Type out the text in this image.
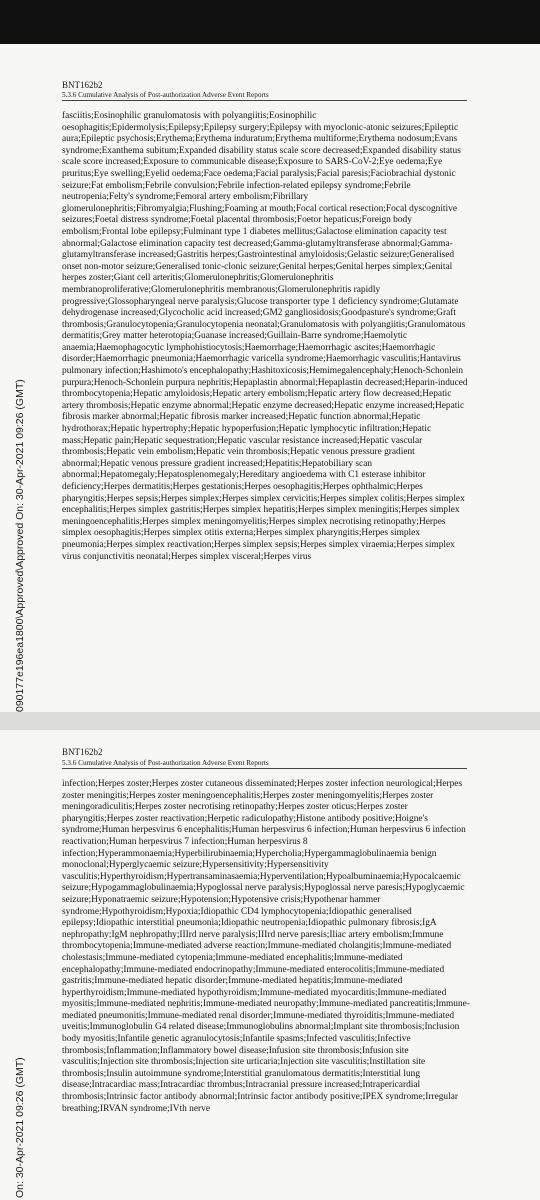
BNT162b2
5.3.6 Cumulative Analysis of Post-authorization Adverse Event Reports
fasciitis;Eosinophilic granulomatosis with polyangiitis;Eosinophilic oesophagitis;Epidermolysis;Epilepsy;Epilepsy surgery;Epilepsy with myoclonic-atonic seizures;Epileptic aura;Epileptic psychosis;Erythema;Erythema induratum;Erythema multiforme;Erythema nodosum;Evans syndrome;Exanthema subitum;Expanded disability status scale score decreased;Expanded disability status scale score increased;Exposure to communicable disease;Exposure to SARS-CoV-2;Eye oedema;Eye pruritus;Eye swelling;Eyelid oedema;Face oedema;Facial paralysis;Facial paresis;Faciobrachial dystonic seizure;Fat embolism;Febrile convulsion;Febrile infection-related epilepsy syndrome;Febrile neutropenia;Felty's syndrome;Femoral artery embolism;Fibrillary glomerulonephritis;Fibromyalgia;Flushing;Foaming at mouth;Focal cortical resection;Focal dyscognitive seizures;Foetal distress syndrome;Foetal placental thrombosis;Foetor hepaticus;Foreign body embolism;Frontal lobe epilepsy;Fulminant type 1 diabetes mellitus;Galactose elimination capacity test abnormal;Galactose elimination capacity test decreased;Gamma-glutamyltransferase abnormal;Gamma-glutamyltransferase increased;Gastritis herpes;Gastrointestinal amyloidosis;Gelastic seizure;Generalised onset non-motor seizure;Generalised tonic-clonic seizure;Genital herpes;Genital herpes simplex;Genital herpes zoster;Giant cell arteritis;Glomerulonephritis;Glomerulonephritis membranoproliferative;Glomerulonephritis membranous;Glomerulonephritis rapidly progressive;Glossopharyngeal nerve paralysis;Glucose transporter type 1 deficiency syndrome;Glutamate dehydrogenase increased;Glycocholic acid increased;GM2 gangliosidosis;Goodpasture's syndrome;Graft thrombosis;Granulocytopenia;Granulocytopenia neonatal;Granulomatosis with polyangiitis;Granulomatous dermatitis;Grey matter heterotopia;Guanase increased;Guillain-Barre syndrome;Haemolytic anaemia;Haemophagocytic lymphohistiocytosis;Haemorrhage;Haemorrhagic ascites;Haemorrhagic disorder;Haemorrhagic pneumonia;Haemorrhagic varicella syndrome;Haemorrhagic vasculitis;Hantavirus pulmonary infection;Hashimoto's encephalopathy;Hashitoxicosis;Hemimegalencephaly;Henoch-Schonlein purpura;Henoch-Schonlein purpura nephritis;Hepaplastin abnormal;Hepaplastin decreased;Heparin-induced thrombocytopenia;Hepatic amyloidosis;Hepatic artery embolism;Hepatic artery flow decreased;Hepatic artery thrombosis;Hepatic enzyme abnormal;Hepatic enzyme decreased;Hepatic enzyme increased;Hepatic fibrosis marker abnormal;Hepatic fibrosis marker increased;Hepatic function abnormal;Hepatic hydrothorax;Hepatic hypertrophy;Hepatic hypoperfusion;Hepatic lymphocytic infiltration;Hepatic mass;Hepatic pain;Hepatic sequestration;Hepatic vascular resistance increased;Hepatic vascular thrombosis;Hepatic vein embolism;Hepatic vein thrombosis;Hepatic venous pressure gradient abnormal;Hepatic venous pressure gradient increased;Hepatitis;Hepatobiliary scan abnormal;Hepatomegaly;Hepatosplenomegaly;Hereditary angioedema with C1 esterase inhibitor deficiency;Herpes dermatitis;Herpes gestationis;Herpes oesophagitis;Herpes ophthalmic;Herpes pharyngitis;Herpes sepsis;Herpes simplex;Herpes simplex cervicitis;Herpes simplex colitis;Herpes simplex encephalitis;Herpes simplex gastritis;Herpes simplex hepatitis;Herpes simplex meningitis;Herpes simplex meningoencephalitis;Herpes simplex meningomyelitis;Herpes simplex necrotising retinopathy;Herpes simplex oesophagitis;Herpes simplex otitis externa;Herpes simplex pharyngitis;Herpes simplex pneumonia;Herpes simplex reactivation;Herpes simplex sepsis;Herpes simplex viraemia;Herpes simplex virus conjunctivitis neonatal;Herpes simplex visceral;Herpes virus
BNT162b2
5.3.6 Cumulative Analysis of Post-authorization Adverse Event Reports
infection;Herpes zoster;Herpes zoster cutaneous disseminated;Herpes zoster infection neurological;Herpes zoster meningitis;Herpes zoster meningoencephalitis;Herpes zoster meningomyelitis;Herpes zoster meningoradiculitis;Herpes zoster necrotising retinopathy;Herpes zoster oticus;Herpes zoster pharyngitis;Herpes zoster reactivation;Herpetic radiculopathy;Histone antibody positive;Hoigne's syndrome;Human herpesvirus 6 encephalitis;Human herpesvirus 6 infection;Human herpesvirus 6 infection reactivation;Human herpesvirus 7 infection;Human herpesvirus 8 infection;Hyperammonaemia;Hyperbilirubinaemia;Hypercholia;Hypergammaglobulinaemia benign monoclonal;Hyperglycaemic seizure;Hypersensitivity;Hypersensitivity vasculitis;Hyperthyroidism;Hypertransaminasaemia;Hyperventilation;Hypoalbuminaemia;Hypocalcaemic seizure;Hypogammaglobulinaemia;Hypoglossal nerve paralysis;Hypoglossal nerve paresis;Hypoglycaemic seizure;Hyponatraemic seizure;Hypotension;Hypotensive crisis;Hypothenar hammer syndrome;Hypothyroidism;Hypoxia;Idiopathic CD4 lymphocytopenia;Idiopathic generalised epilepsy;Idiopathic interstitial pneumonia;Idiopathic neutropenia;Idiopathic pulmonary fibrosis;IgA nephropathy;IgM nephropathy;IIIrd nerve paralysis;IIIrd nerve paresis;Iliac artery embolism;Immune thrombocytopenia;Immune-mediated adverse reaction;Immune-mediated cholangitis;Immune-mediated cholestasis;Immune-mediated cytopenia;Immune-mediated encephalitis;Immune-mediated encephalopathy;Immune-mediated endocrinopathy;Immune-mediated enterocolitis;Immune-mediated gastritis;Immune-mediated hepatic disorder;Immune-mediated hepatitis;Immune-mediated hyperthyroidism;Immune-mediated hypothyroidism;Immune-mediated myocarditis;Immune-mediated myositis;Immune-mediated nephritis;Immune-mediated neuropathy;Immune-mediated pancreatitis;Immune-mediated pneumonitis;Immune-mediated renal disorder;Immune-mediated thyroiditis;Immune-mediated uveitis;Immunoglobulin G4 related disease;Immunoglobulins abnormal;Implant site thrombosis;Inclusion body myositis;Infantile genetic agranulocytosis;Infantile spasms;Infected vasculitis;Infective thrombosis;Inflammation;Inflammatory bowel disease;Infusion site thrombosis;Infusion site vasculitis;Injection site thrombosis;Injection site urticaria;Injection site vasculitis;Instillation site thrombosis;Insulin autoimmune syndrome;Interstitial granulomatous dermatitis;Interstitial lung disease;Intracardiac mass;Intracardiac thrombus;Intracranial pressure increased;Intrapericardial thrombosis;Intrinsic factor antibody abnormal;Intrinsic factor antibody positive;IPEX syndrome;Irregular breathing;IRVAN syndrome;IVth nerve
090177e196ea1800\Approved\Approved On: 30-Apr-2021 09:26 (GMT)
On: 30-Apr-2021 09:26 (GMT)
